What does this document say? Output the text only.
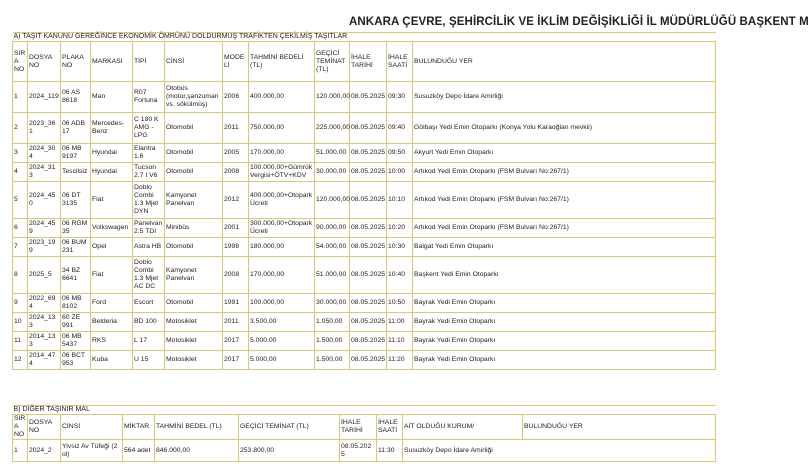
ANKARA ÇEVRE, ŞEHİRCİLİK VE İKLİM DEĞİŞİKLİĞİ İL MÜDÜRLÜĞÜ BAŞKENT M
A) TAŞIT KANUNU GEREĞİNCE EKONOMİK ÖMRÜNÜ DOLDURMUŞ TRAFİKTEN ÇEKİLMİŞ TAŞITLAR											
SIRA NO	DOSYA NO	PLAKA NO	MARKASI	TİPİ	CİNSİ	MODELİ	TAHMİNİ BEDELİ (TL)	GEÇİCİ TEMİNAT (TL)	İHALE TARİHİ	İHALE SAATİ	BULUNDUĞU YER
1	2024_119	06 AS 8618	Man	R07 Fortuna	Otobüs (motor,şanzuman vs. sökülmüş)	2006	400.000,00	120.000,00	08.05.2025	09:30	Susuzköy Depo İdare Amirliği
2	2023_361	06 ADB 17	Mercedes-Benz	C 180 K AMG - LPG	Otomobil	2011	750.000,00	225.000,00	08.05.2025	09:40	Gölbaşı Yedi Emin Otoparkı (Konya Yolu Karaoğlan mevkii)
3	2024_304	06 MB 9197	Hyundai	Elantra 1.6	Otomobil	2005	170.000,00	51.000,00	08.05.2025	09:50	Akyurt Yedi Emin Otoparkı
4	2024_313	Tescilsiz	Hyundai	Tucson 2.7 I V6	Otomobil	2008	100.000,00+Gümrük Vergisi+ÖTV+KDV	30.000,00	08.05.2025	10:00	Artıkod Yedi Emin Otoparkı (FSM Bulvarı No:267/1)
5	2024_450	06 DT 3135	Fiat	Doblo Combi 1.3 Mjet DYN	Kamyonet Panelvan	2012	400.000,00+Otopark Ücreti	120.000,00	08.05.2025	10:10	Artıkod Yedi Emin Otoparkı (FSM Bulvarı No:267/1)
6	2024_459	06 RGM 35	Volkswagen	Panelvan 2.5 TDI	Minibüs	2001	300.000,00+Otopark Ücreti	90.000,00	08.05.2025	10:20	Artıkod Yedi Emin Otoparkı (FSM Bulvarı No:267/1)
7	2023_199	06 BUM 231	Opel	Astra HB	Otomobil	1998	180.000,00	54.000,00	08.05.2025	10:30	Balgat Yedi Emin Otoparkı
8	2025_5	34 BZ 6641	Fiat	Doblo Combi 1.3 Mjet AC DC	Kamyonet Panelvan	2008	170.000,00	51.000,00	08.05.2025	10:40	Başkent Yedi Emin Otoparkı
9	2022_694	06 MB 8102	Ford	Escort	Otomobil	1991	100.000,00	30.000,00	08.05.2025	10:50	Bayrak Yedi Emin Otoparkı
10	2024_133	60 ZE 991	Belderia	BD 100	Motosiklet	2011	3.500,00	1.050,00	08.05.2025	11:00	Bayrak Yedi Emin Otoparkı
11	2014_133	06 MB 5437	RKS	L 17	Motosiklet	2017	5.000,00	1.500,00	08.05.2025	11:10	Bayrak Yedi Emin Otoparkı
12	2014_474	06 BCT 953	Kuba	U 15	Motosiklet	2017	5.000,00	1.500,00	08.05.2025	11:20	Bayrak Yedi Emin Otoparkı
B) DİĞER TAŞINIR MAL									
SIRA NO	DOSYA NO	CİNSİ	MİKTAR	TAHMİNİ BEDEL (TL)	GEÇİCİ TEMİNAT (TL)	İHALE TARİHİ	İHALE SAATİ	AİT OLDUĞU KURUM/	BULUNDUĞU YER
1	2024_2	Yivsiz Av Tüfeği (2 ol)	564 adet	846.000,00	253.800,00	08.05.2025	11:30	Susuzköy Depo İdare Amirliği	
